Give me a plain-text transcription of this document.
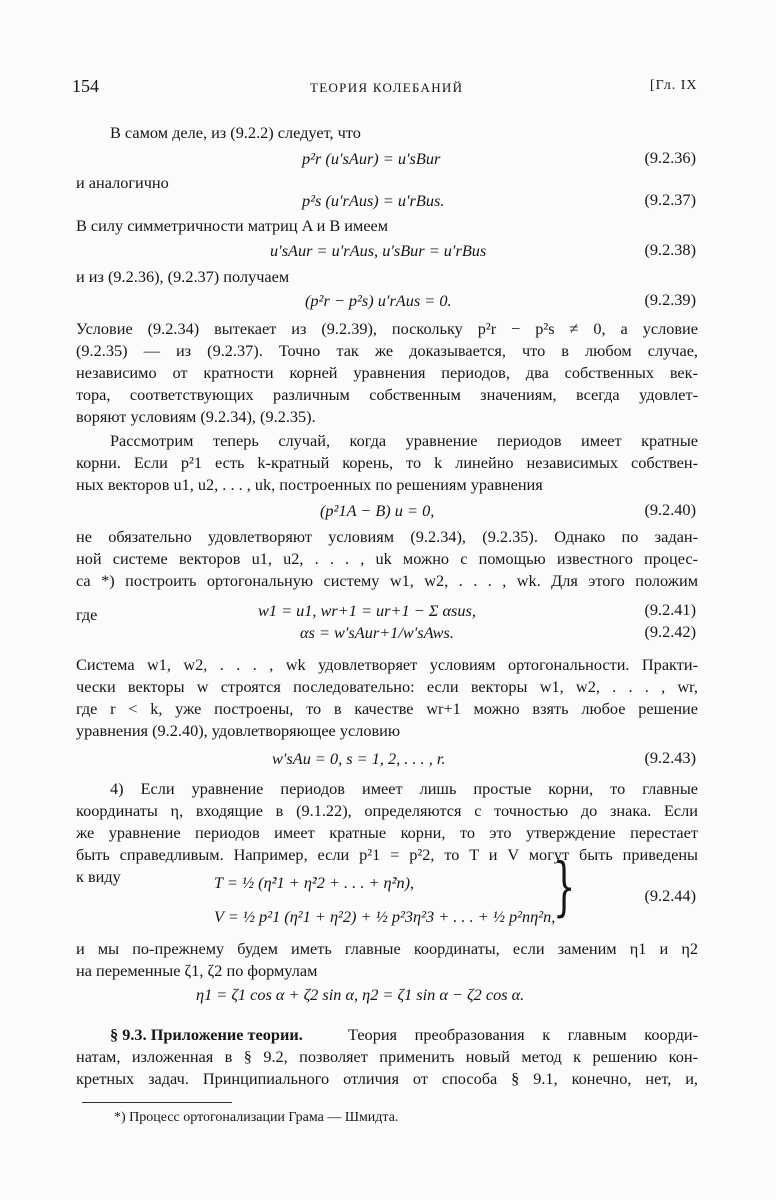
154	ТЕОРИЯ КОЛЕБАНИЙ	[Гл. IX
В самом деле, из (9.2.2) следует, что
p²r (u′sAur) = u′sBur	(9.2.36)
и аналогично
p²s (u′rAus) = u′rBus.	(9.2.37)
В силу симметричности матриц A и B имеем
u′sAur = u′rAus, u′sBur = u′rBus	(9.2.38)
и из (9.2.36), (9.2.37) получаем
(p²r − p²s) u′rAus = 0.	(9.2.39)
Условие (9.2.34) вытекает из (9.2.39), поскольку p²r − p²s ≠ 0, а условие
(9.2.35) — из (9.2.37). Точно так же доказывается, что в любом случае,
независимо от кратности корней уравнения периодов, два собственных век-
тора, соответствующих различным собственным значениям, всегда удовлет-
воряют условиям (9.2.34), (9.2.35).
Рассмотрим теперь случай, когда уравнение периодов имеет кратные
корни. Если p²1 есть k-кратный корень, то k линейно независимых собствен-
ных векторов u1, u2, . . . , uk, построенных по решениям уравнения
(p²1A − B) u = 0,	(9.2.40)
не обязательно удовлетворяют условиям (9.2.34), (9.2.35). Однако по задан-
ной системе векторов u1, u2, . . . , uk можно с помощью известного процес-
са *) построить ортогональную систему w1, w2, . . . , wk. Для этого положим
w1 = u1, wr+1 = ur+1 − Σ αsus,	(9.2.41)
где
αs = w′sAur+1/w′sAws.	(9.2.42)
Система w1, w2, . . . , wk удовлетворяет условиям ортогональности. Практи-
чески векторы w строятся последовательно: если векторы w1, w2, . . . , wr,
где r < k, уже построены, то в качестве wr+1 можно взять любое решение
уравнения (9.2.40), удовлетворяющее условию
w′sAu = 0, s = 1, 2, . . . , r.	(9.2.43)
4) Если уравнение периодов имеет лишь простые корни, то главные
координаты η, входящие в (9.1.22), определяются с точностью до знака. Если
же уравнение периодов имеет кратные корни, то это утверждение перестает
быть справедливым. Например, если p²1 = p²2, то T и V могут быть приведены
к виду	T = ½ (η̇²1 + η̇²2 + . . . + η̇²n),
V = ½ p²1 (η²1 + η²2) + ½ p²3η²3 + . . . + ½ p²nη²n,
}	(9.2.44)
и мы по-прежнему будем иметь главные координаты, если заменим η1 и η2
на переменные ζ1, ζ2 по формулам
η1 = ζ1 cos α + ζ2 sin α, η2 = ζ1 sin α − ζ2 cos α.
§ 9.3. Приложение теории.	Теория преобразования к главным коорди-
натам, изложенная в § 9.2, позволяет применить новый метод к решению кон-
кретных задач. Принципиального отличия от способа § 9.1, конечно, нет, и,
*) Процесс ортогонализации Грама — Шмидта.
